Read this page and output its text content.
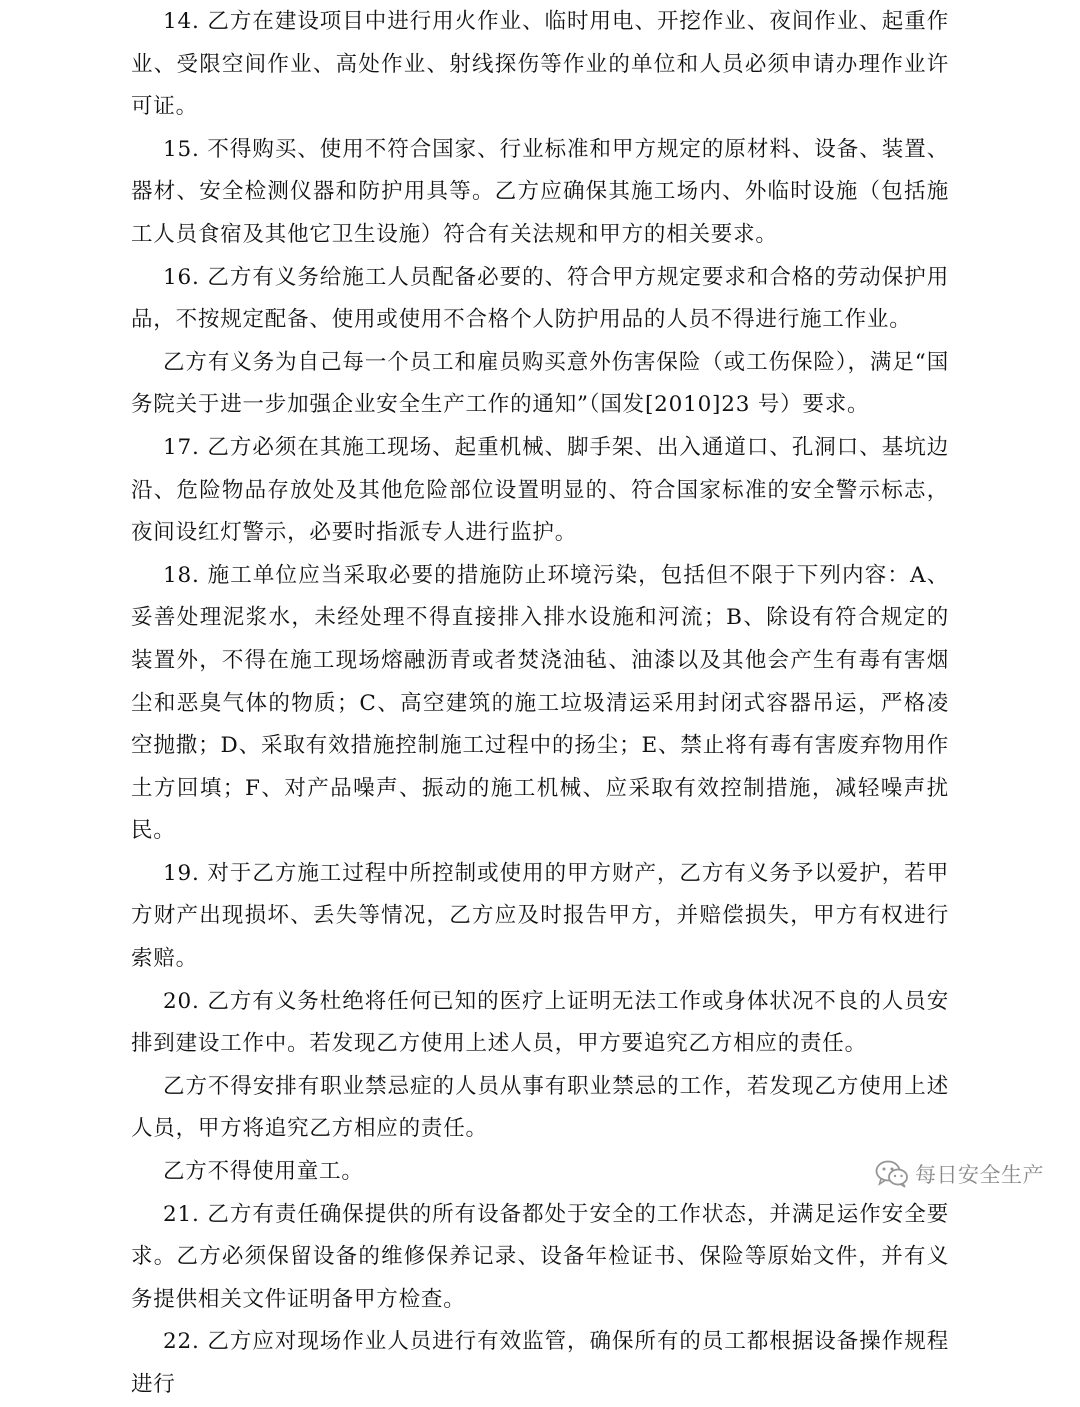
14. 乙方在建设项目中进行用火作业、临时用电、开挖作业、夜间作业、起重作业、受限空间作业、高处作业、射线探伤等作业的单位和人员必须申请办理作业许可证。

15. 不得购买、使用不符合国家、行业标准和甲方规定的原材料、设备、装置、器材、安全检测仪器和防护用具等。乙方应确保其施工场内、外临时设施（包括施工人员食宿及其他它卫生设施）符合有关法规和甲方的相关要求。

16. 乙方有义务给施工人员配备必要的、符合甲方规定要求和合格的劳动保护用品，不按规定配备、使用或使用不合格个人防护用品的人员不得进行施工作业。

乙方有义务为自己每一个员工和雇员购买意外伤害保险（或工伤保险），满足“国务院关于进一步加强企业安全生产工作的通知”（国发[2010]23 号）要求。

17. 乙方必须在其施工现场、起重机械、脚手架、出入通道口、孔洞口、基坑边沿、危险物品存放处及其他危险部位设置明显的、符合国家标准的安全警示标志，夜间设红灯警示，必要时指派专人进行监护。

18. 施工单位应当采取必要的措施防止环境污染，包括但不限于下列内容：A、妥善处理泥浆水，未经处理不得直接排入排水设施和河流；B、除设有符合规定的装置外，不得在施工现场熔融沥青或者焚浇油毡、油漆以及其他会产生有毒有害烟尘和恶臭气体的物质；C、高空建筑的施工垃圾清运采用封闭式容器吊运，严格凌空抛撒；D、采取有效措施控制施工过程中的扬尘；E、禁止将有毒有害废弃物用作土方回填；F、对产品噪声、振动的施工机械、应采取有效控制措施，减轻噪声扰民。

19. 对于乙方施工过程中所控制或使用的甲方财产，乙方有义务予以爱护，若甲方财产出现损坏、丢失等情况，乙方应及时报告甲方，并赔偿损失，甲方有权进行索赔。

20. 乙方有义务杜绝将任何已知的医疗上证明无法工作或身体状况不良的人员安排到建设工作中。若发现乙方使用上述人员，甲方要追究乙方相应的责任。

乙方不得安排有职业禁忌症的人员从事有职业禁忌的工作，若发现乙方使用上述人员，甲方将追究乙方相应的责任。

乙方不得使用童工。

21. 乙方有责任确保提供的所有设备都处于安全的工作状态，并满足运作安全要求。乙方必须保留设备的维修保养记录、设备年检证书、保险等原始文件，并有义务提供相关文件证明备甲方检查。

22. 乙方应对现场作业人员进行有效监管，确保所有的员工都根据设备操作规程进行

每日安全生产
